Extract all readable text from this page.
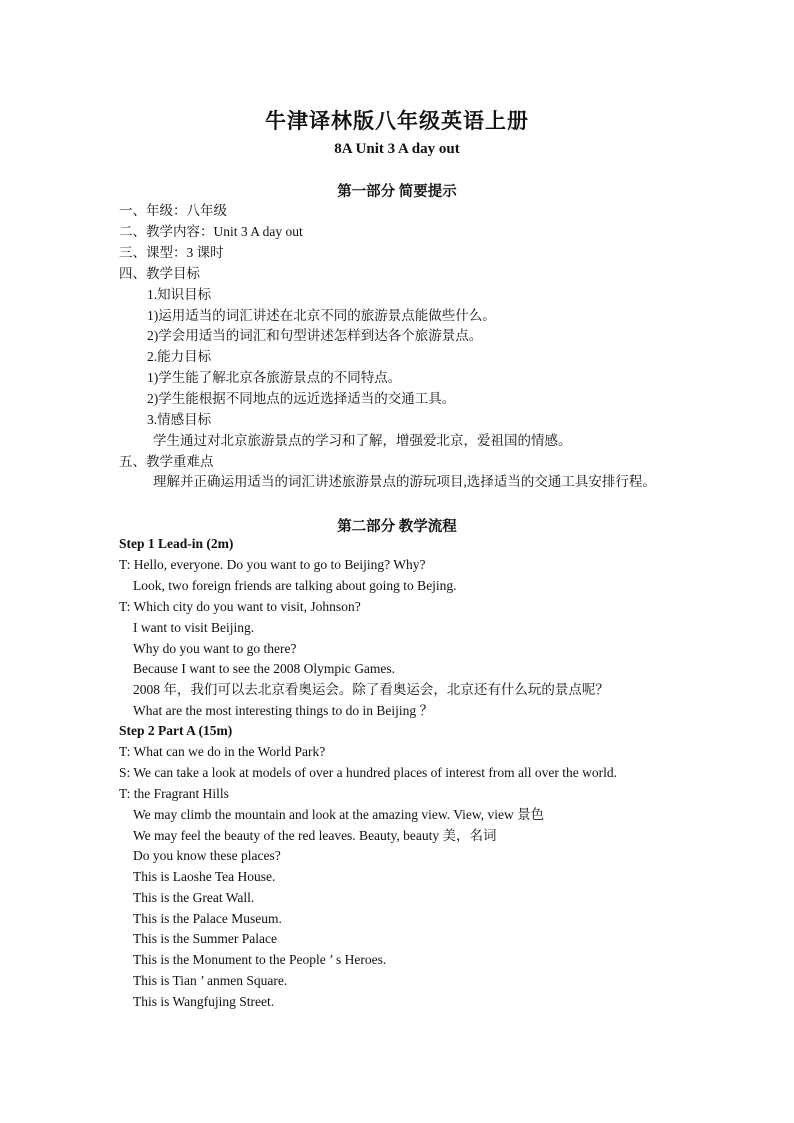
牛津译林版八年级英语上册
8A Unit 3 A day out
第一部分 简要提示
一、年级：八年级
二、教学内容：Unit 3 A day out
三、课型：3 课时
四、教学目标
1.知识目标
1)运用适当的词汇讲述在北京不同的旅游景点能做些什么。
2)学会用适当的词汇和句型讲述怎样到达各个旅游景点。
2.能力目标
1)学生能了解北京各旅游景点的不同特点。
2)学生能根据不同地点的远近选择适当的交通工具。
3.情感目标
学生通过对北京旅游景点的学习和了解，增强爱北京，爱祖国的情感。
五、教学重难点
理解并正确运用适当的词汇讲述旅游景点的游玩项目,选择适当的交通工具安排行程。
第二部分 教学流程
Step 1 Lead-in (2m)
T: Hello, everyone. Do you want to go to Beijing? Why?
Look, two foreign friends are talking about going to Bejing.
T: Which city do you want to visit, Johnson?
I want to visit Beijing.
Why do you want to go there?
Because I want to see the 2008 Olympic Games.
2008 年，我们可以去北京看奥运会。除了看奥运会，北京还有什么玩的景点呢？
What are the most interesting things to do in Beijing ？
Step 2 Part A (15m)
T: What can we do in the World Park?
S: We can take a look at models of over a hundred places of interest from all over the world.
T: the Fragrant Hills
We may climb the mountain and look at the amazing view. View, view 景色
We may feel the beauty of the red leaves. Beauty, beauty 美，名词
Do you know these places?
This is Laoshe Tea House.
This is the Great Wall.
This is the Palace Museum.
This is the Summer Palace
This is the Monument to the People ’ s Heroes.
This is Tian ’ anmen Square.
This is Wangfujing Street.
